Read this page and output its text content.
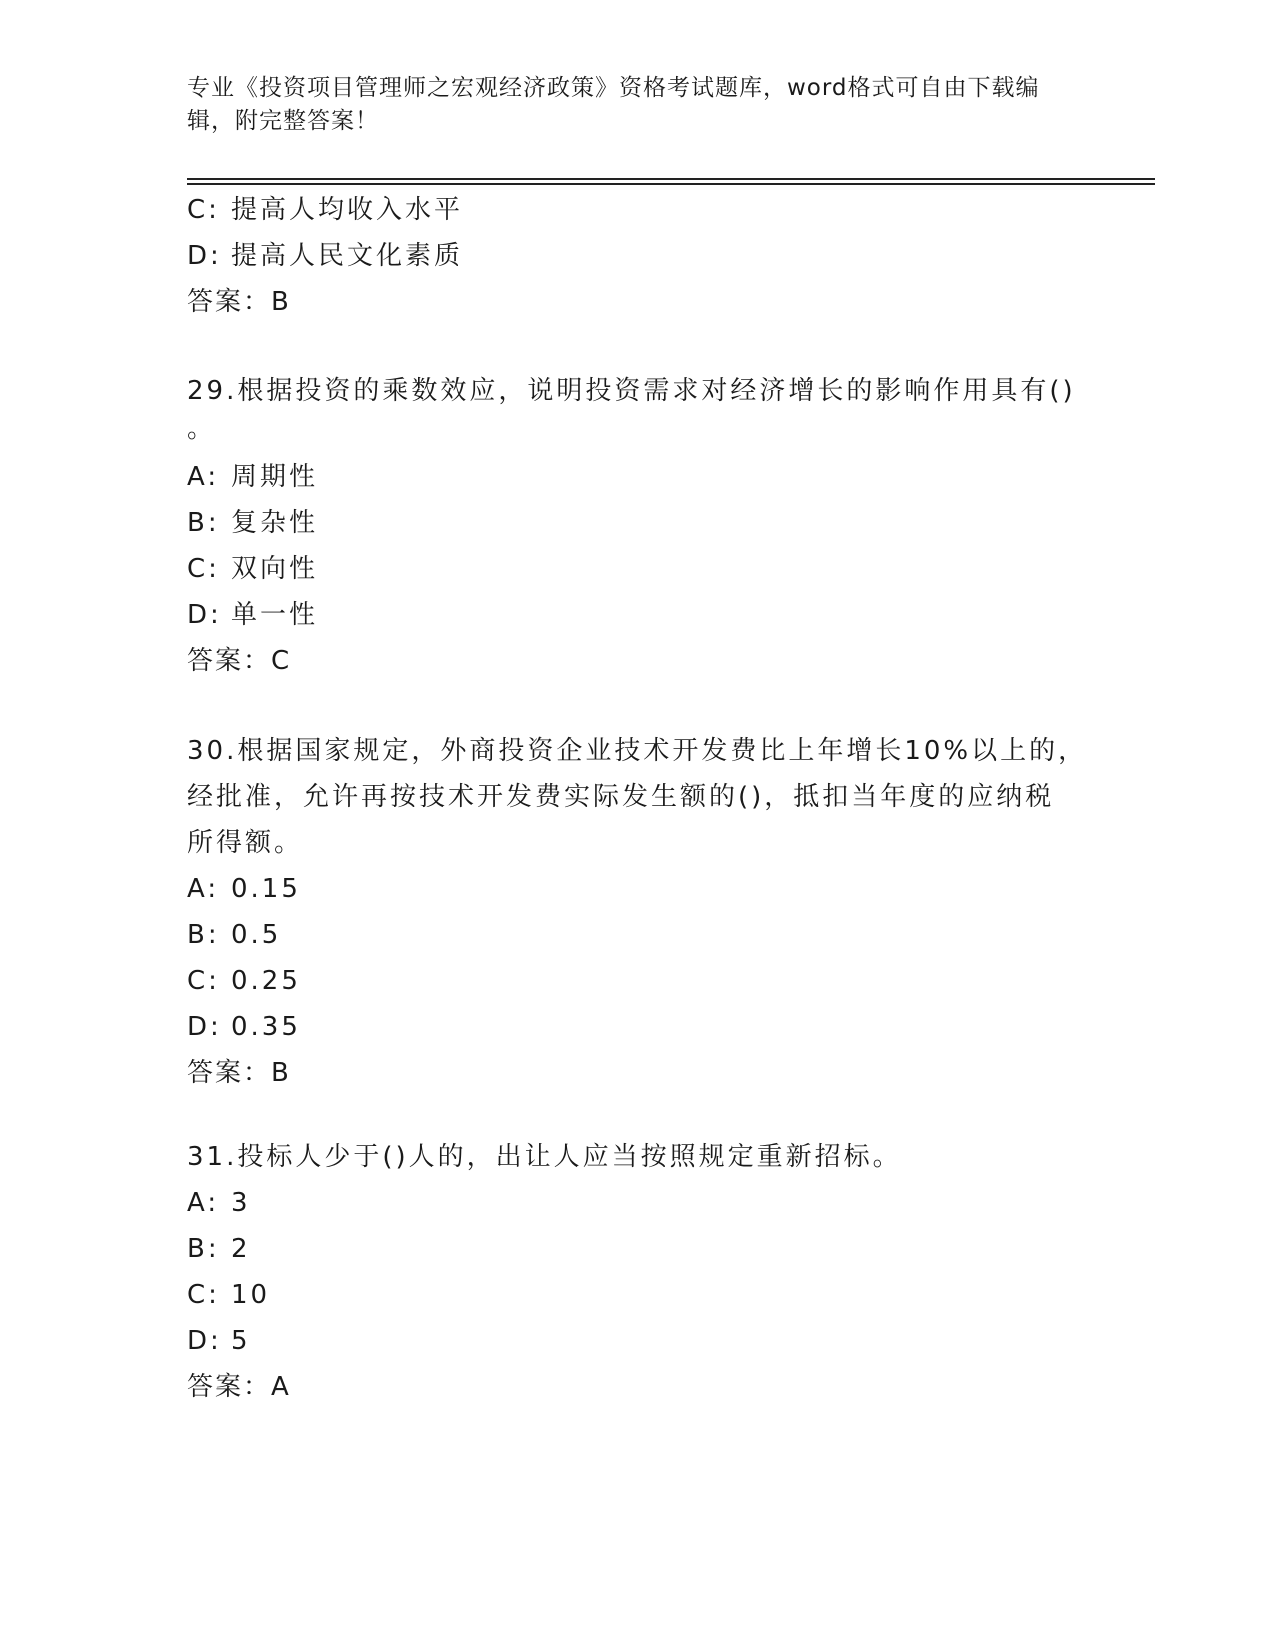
专业《投资项目管理师之宏观经济政策》资格考试题库，word格式可自由下载编
辑，附完整答案！
C: 提高人均收入水平
D: 提高人民文化素质
答案：B
29.根据投资的乘数效应，说明投资需求对经济增长的影响作用具有()
。
A: 周期性
B: 复杂性
C: 双向性
D: 单一性
答案：C
30.根据国家规定，外商投资企业技术开发费比上年增长10%以上的，
经批准，允许再按技术开发费实际发生额的()，抵扣当年度的应纳税
所得额。
A: 0.15
B: 0.5
C: 0.25
D: 0.35
答案：B
31.投标人少于()人的，出让人应当按照规定重新招标。
A: 3
B: 2
C: 10
D: 5
答案：A
